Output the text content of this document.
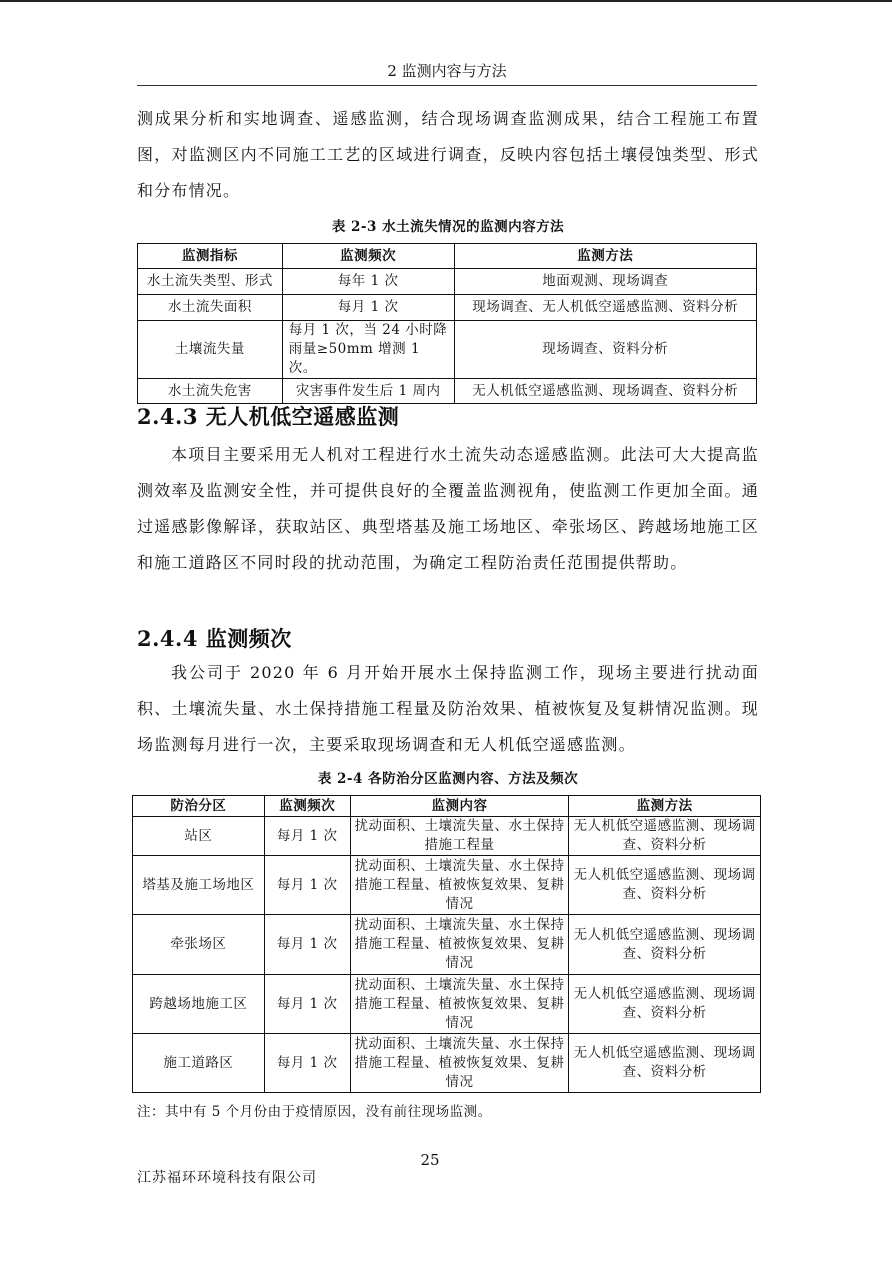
2 监测内容与方法

测成果分析和实地调查、遥感监测，结合现场调查监测成果，结合工程施工布置图，对监测区内不同施工工艺的区域进行调查，反映内容包括土壤侵蚀类型、形式和分布情况。

表 2-3 水土流失情况的监测内容方法
监测指标	监测频次	监测方法
水土流失类型、形式	每年 1 次	地面观测、现场调查
水土流失面积	每月 1 次	现场调查、无人机低空遥感监测、资料分析
土壤流失量	每月 1 次，当 24 小时降雨量≥50mm 增测 1 次。	现场调查、资料分析
水土流失危害	灾害事件发生后 1 周内	无人机低空遥感监测、现场调查、资料分析
2.4.3 无人机低空遥感监测

本项目主要采用无人机对工程进行水土流失动态遥感监测。此法可大大提高监测效率及监测安全性，并可提供良好的全覆盖监测视角，使监测工作更加全面。通过遥感影像解译，获取站区、典型塔基及施工场地区、牵张场区、跨越场地施工区和施工道路区不同时段的扰动范围，为确定工程防治责任范围提供帮助。

2.4.4 监测频次

我公司于 2020 年 6 月开始开展水土保持监测工作，现场主要进行扰动面积、土壤流失量、水土保持措施工程量及防治效果、植被恢复及复耕情况监测。现场监测每月进行一次，主要采取现场调查和无人机低空遥感监测。

表 2-4 各防治分区监测内容、方法及频次
防治分区	监测频次	监测内容	监测方法
站区	每月 1 次	扰动面积、土壤流失量、水土保持措施工程量	无人机低空遥感监测、现场调查、资料分析
塔基及施工场地区	每月 1 次	扰动面积、土壤流失量、水土保持措施工程量、植被恢复效果、复耕情况	无人机低空遥感监测、现场调查、资料分析
牵张场区	每月 1 次	扰动面积、土壤流失量、水土保持措施工程量、植被恢复效果、复耕情况	无人机低空遥感监测、现场调查、资料分析
跨越场地施工区	每月 1 次	扰动面积、土壤流失量、水土保持措施工程量、植被恢复效果、复耕情况	无人机低空遥感监测、现场调查、资料分析
施工道路区	每月 1 次	扰动面积、土壤流失量、水土保持措施工程量、植被恢复效果、复耕情况	无人机低空遥感监测、现场调查、资料分析
注：其中有 5 个月份由于疫情原因，没有前往现场监测。
25
江苏福环环境科技有限公司
